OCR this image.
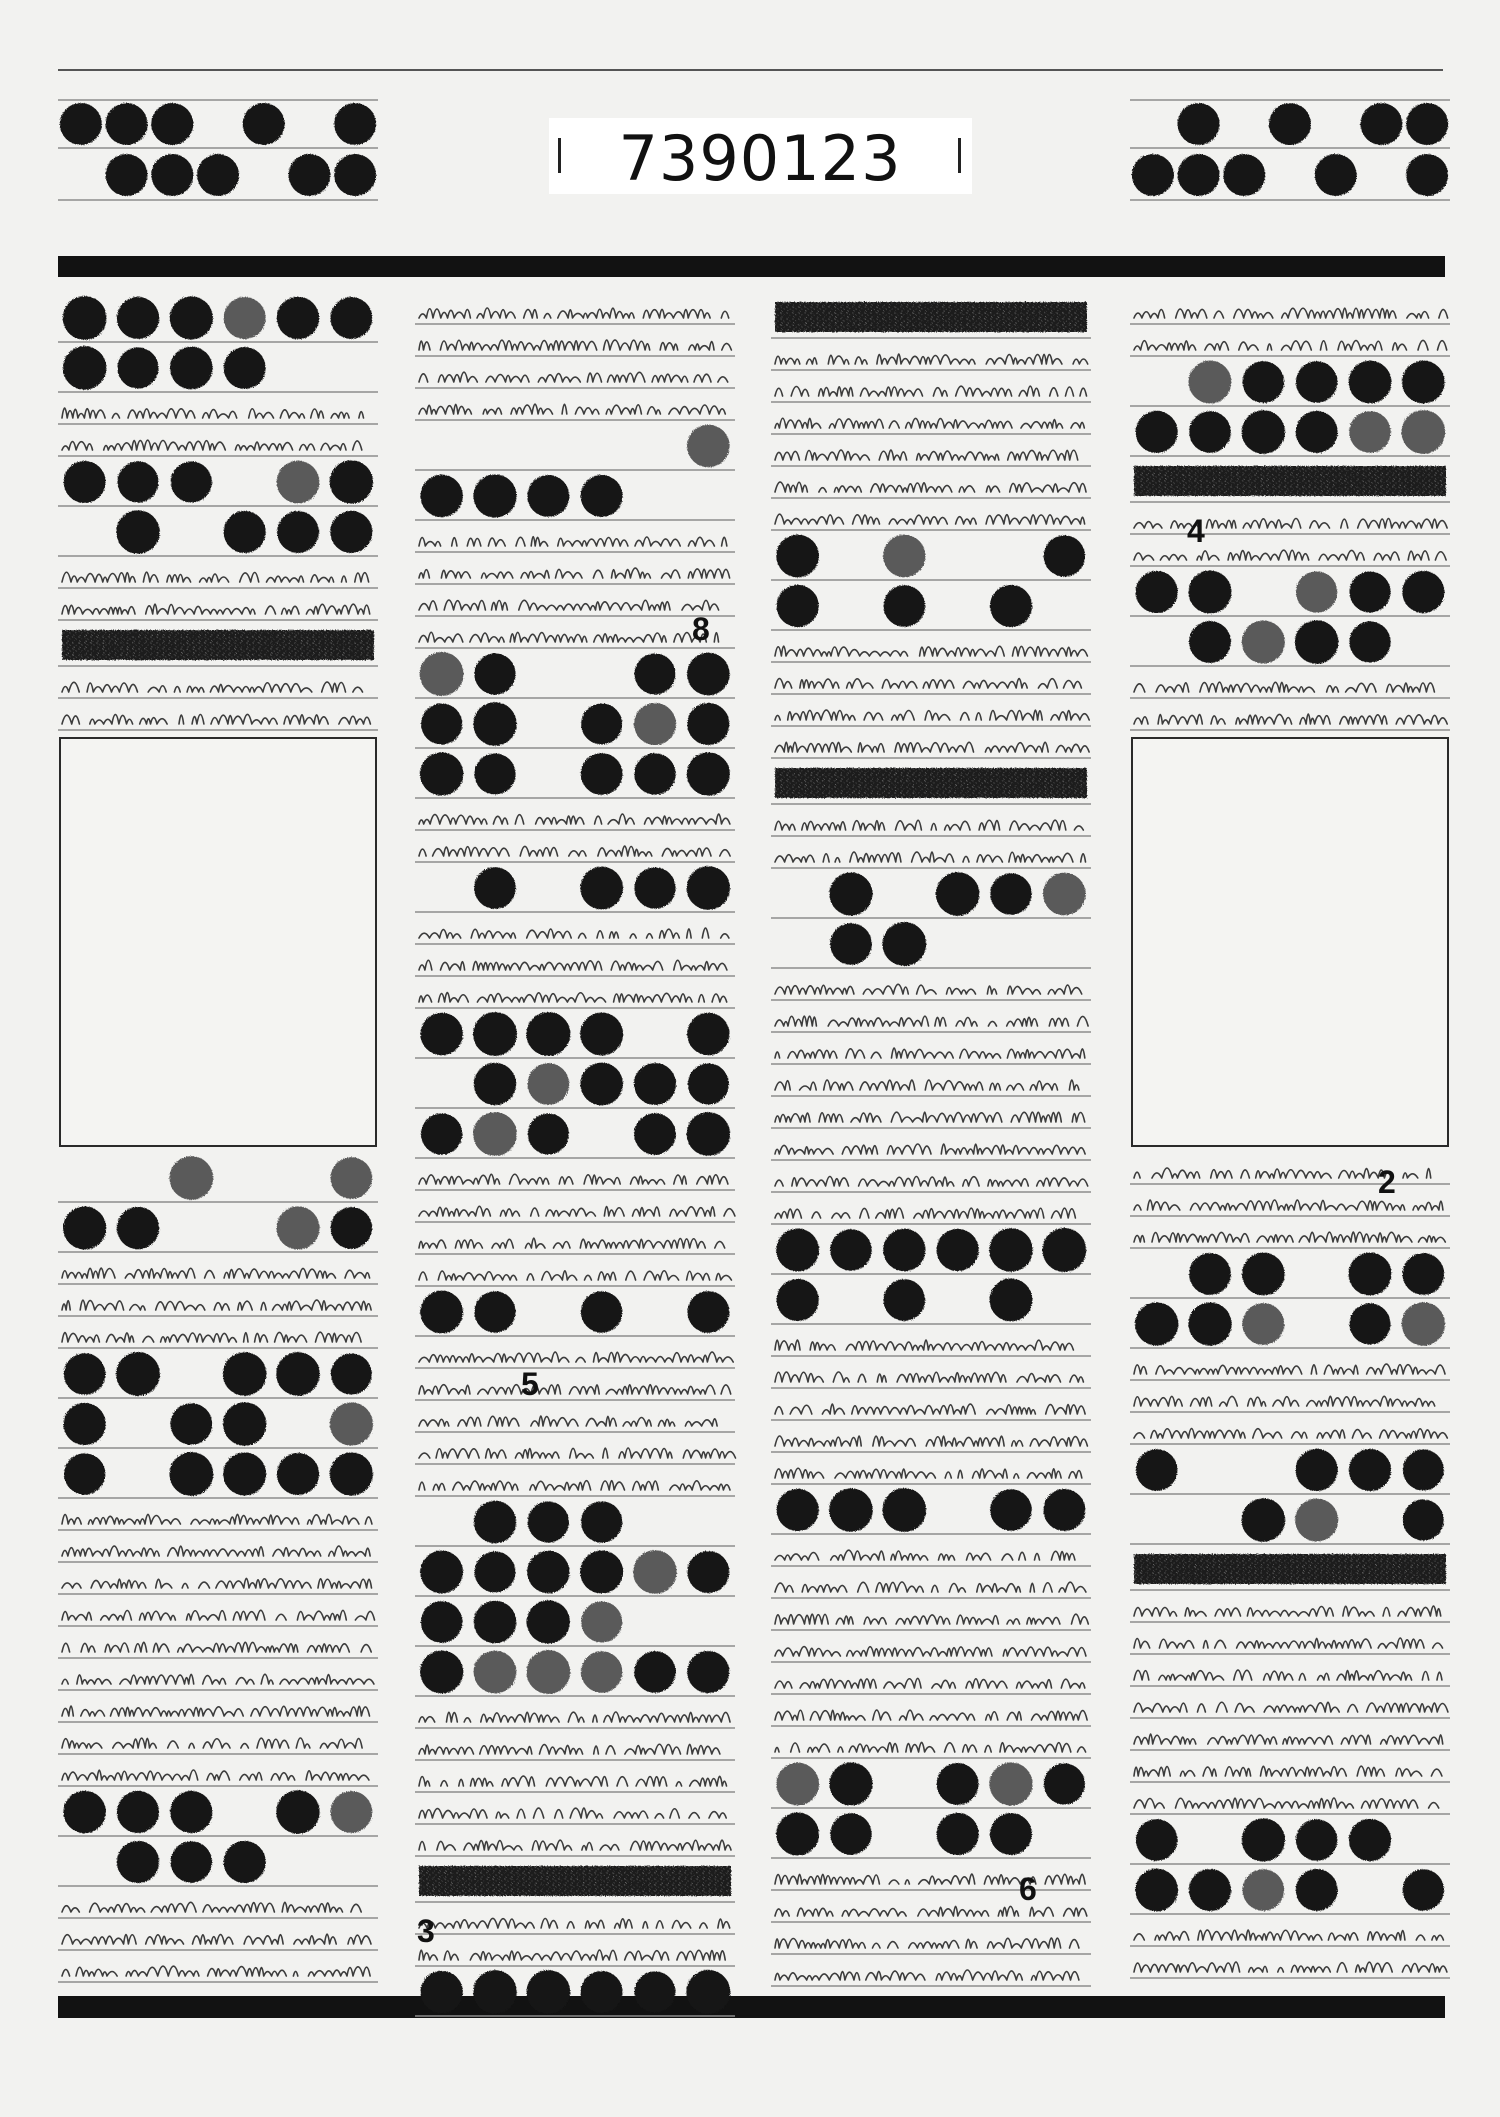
7390123
8
4
2
5
6
3
